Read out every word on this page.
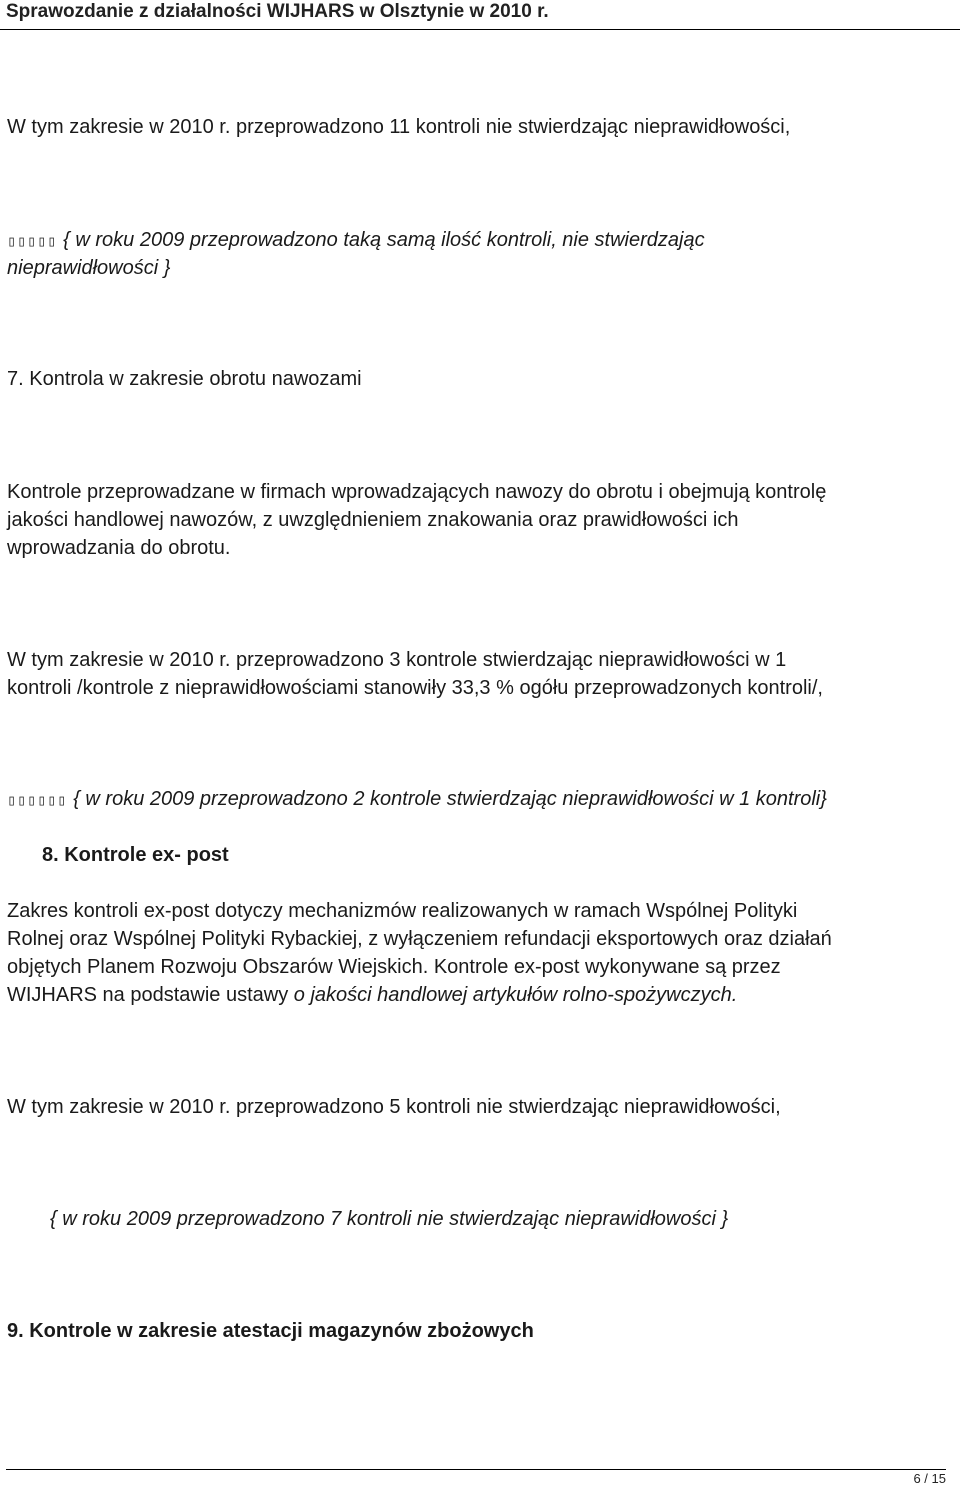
Sprawozdanie z działalności WIJHARS w Olsztynie w 2010 r.
W tym zakresie w 2010 r. przeprowadzono 11 kontroli nie stwierdzając nieprawidłowości,
▯▯▯▯▯ { w roku 2009 przeprowadzono taką samą ilość kontroli, nie stwierdzając
nieprawidłowości }
7. Kontrola w zakresie obrotu nawozami
Kontrole przeprowadzane w firmach wprowadzających nawozy do obrotu i obejmują kontrolę
jakości handlowej nawozów, z uwzględnieniem znakowania oraz prawidłowości ich
wprowadzania do obrotu.
W tym zakresie w 2010 r. przeprowadzono 3 kontrole stwierdzając nieprawidłowości w 1
kontroli /kontrole z nieprawidłowościami stanowiły 33,3 % ogółu przeprowadzonych kontroli/,
▯▯▯▯▯▯ { w roku 2009 przeprowadzono 2 kontrole stwierdzając nieprawidłowości w 1 kontroli}
8. Kontrole ex- post
Zakres kontroli ex-post dotyczy mechanizmów realizowanych w ramach Wspólnej Polityki
Rolnej oraz Wspólnej Polityki Rybackiej, z wyłączeniem refundacji eksportowych oraz działań
objętych Planem Rozwoju Obszarów Wiejskich. Kontrole ex-post wykonywane są przez
WIJHARS na podstawie ustawy o jakości handlowej artykułów rolno-spożywczych.
W tym zakresie w 2010 r. przeprowadzono 5 kontroli nie stwierdzając nieprawidłowości,
{ w roku 2009 przeprowadzono 7 kontroli nie stwierdzając nieprawidłowości }
9. Kontrole w zakresie atestacji magazynów zbożowych
6 / 15
